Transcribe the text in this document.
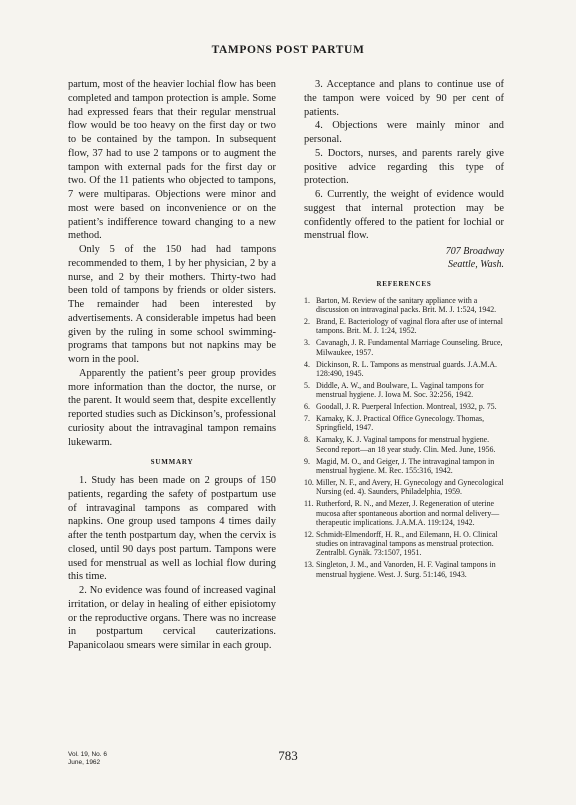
TAMPONS POST PARTUM

partum, most of the heavier lochial flow has been completed and tampon protection is ample. Some had expressed fears that their regular menstrual flow would be too heavy on the first day or two to be contained by the tampon. In subsequent flow, 37 had to use 2 tampons or to augment the tampon with external pads for the first day or two. Of the 11 patients who objected to tampons, 7 were multiparas. Objections were minor and most were based on inconvenience or on the patient’s indifference toward changing to a new method.

Only 5 of the 150 had had tampons recommended to them, 1 by her physician, 2 by a nurse, and 2 by their mothers. Thirty-two had been told of tampons by friends or older sisters. The remainder had been interested by advertisements. A considerable impetus had been given by the ruling in some school swimming-programs that tampons but not napkins may be worn in the pool.

Apparently the patient’s peer group provides more information than the doctor, the nurse, or the parent. It would seem that, despite excellently reported studies such as Dickinson’s, professional curiosity about the intravaginal tampon remains lukewarm.

SUMMARY

1. Study has been made on 2 groups of 150 patients, regarding the safety of postpartum use of intravaginal tampons as compared with napkins. One group used tampons 4 times daily after the tenth postpartum day, when the cervix is closed, until 90 days post partum. Tampons were used for menstrual as well as lochial flow during this time.

2. No evidence was found of increased vaginal irritation, or delay in healing of either episiotomy or the reproductive organs. There was no increase in postpartum cervical cauterizations. Papanicolaou smears were similar in each group.

3. Acceptance and plans to continue use of the tampon were voiced by 90 per cent of patients.

4. Objections were mainly minor and personal.

5. Doctors, nurses, and parents rarely give positive advice regarding this type of protection.

6. Currently, the weight of evidence would suggest that internal protection may be confidently offered to the patient for lochial or menstrual flow.

707 Broadway
Seattle, Wash.
REFERENCES
1. Barton, M. Review of the sanitary appliance with a discussion on intravaginal packs. Brit. M. J. 1:524, 1942.
2. Brand, E. Bacteriology of vaginal flora after use of internal tampons. Brit. M. J. 1:24, 1952.
3. Cavanagh, J. R. Fundamental Marriage Counseling. Bruce, Milwaukee, 1957.
4. Dickinson, R. L. Tampons as menstrual guards. J.A.M.A. 128:490, 1945.
5. Diddle, A. W., and Boulware, L. Vaginal tampons for menstrual hygiene. J. Iowa M. Soc. 32:256, 1942.
6. Goodall, J. R. Puerperal Infection. Montreal, 1932, p. 75.
7. Karnaky, K. J. Practical Office Gynecology. Thomas, Springfield, 1947.
8. Karnaky, K. J. Vaginal tampons for menstrual hygiene. Second report—an 18 year study. Clin. Med. June, 1956.
9. Magid, M. O., and Geiger, J. The intravaginal tampon in menstrual hygiene. M. Rec. 155:316, 1942.
10. Miller, N. F., and Avery, H. Gynecology and Gynecological Nursing (ed. 4). Saunders, Philadelphia, 1959.
11. Rutherford, R. N., and Mezer, J. Regeneration of uterine mucosa after spontaneous abortion and normal delivery—therapeutic implications. J.A.M.A. 119:124, 1942.
12. Schmidt-Elmendorff, H. R., and Eilemann, H. O. Clinical studies on intravaginal tampons as menstrual protection. Zentralbl. Gynäk. 73:1507, 1951.
13. Singleton, J. M., and Vanorden, H. F. Vaginal tampons in menstrual hygiene. West. J. Surg. 51:146, 1943.
Vol. 19, No. 6
June, 1962	783
